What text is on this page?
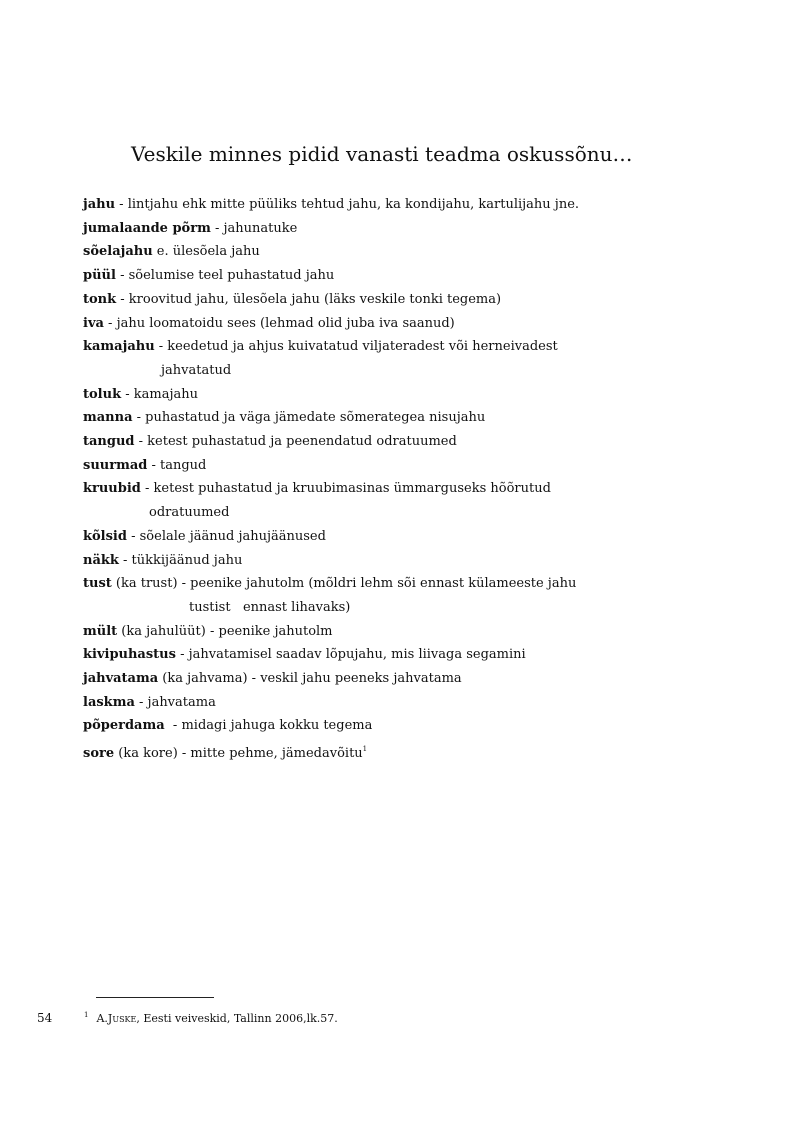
Veskile minnes pidid vanasti teadma oskussõnu…
jahu - lintjahu ehk mitte püüliks tehtud jahu, ka kondijahu, kartulijahu jne.
jumalaande põrm - jahunatuke
sõelajahu e. ülesõela jahu
püül - sõelumise teel puhastatud jahu
tonk - kroovitud jahu, ülesõela jahu (läks veskile tonki tegema)
iva - jahu loomatoidu sees (lehmad olid juba iva saanud)
kamajahu - keedetud ja ahjus kuivatatud viljateradest või herneivadest
jahvatatud
toluk - kamajahu
manna - puhastatud ja väga jämedate sõmerategea nisujahu
tangud - ketest puhastatud ja peenendatud odratuumed
suurmad - tangud
kruubid - ketest puhastatud ja kruubimasinas ümmarguseks hõõrutud
odratuumed
kõlsid - sõelale jäänud jahujäänused
näkk - tükkijäänud jahu
tust (ka trust) - peenike jahutolm (mõldri lehm sõi ennast külameeste jahu
tustist   ennast lihavaks)
mült (ka jahulüüt) - peenike jahutolm
kivipuhastus - jahvatamisel saadav lõpujahu, mis liivaga segamini
jahvatama (ka jahvama) - veskil jahu peeneks jahvatama
laskma - jahvatama
põperdama  - midagi jahuga kokku tegema
sore (ka kore) - mitte pehme, jämedavõitu$^1$
54	$^1$ A.Juske, Eesti veiveskid, Tallinn 2006,lk.57.
